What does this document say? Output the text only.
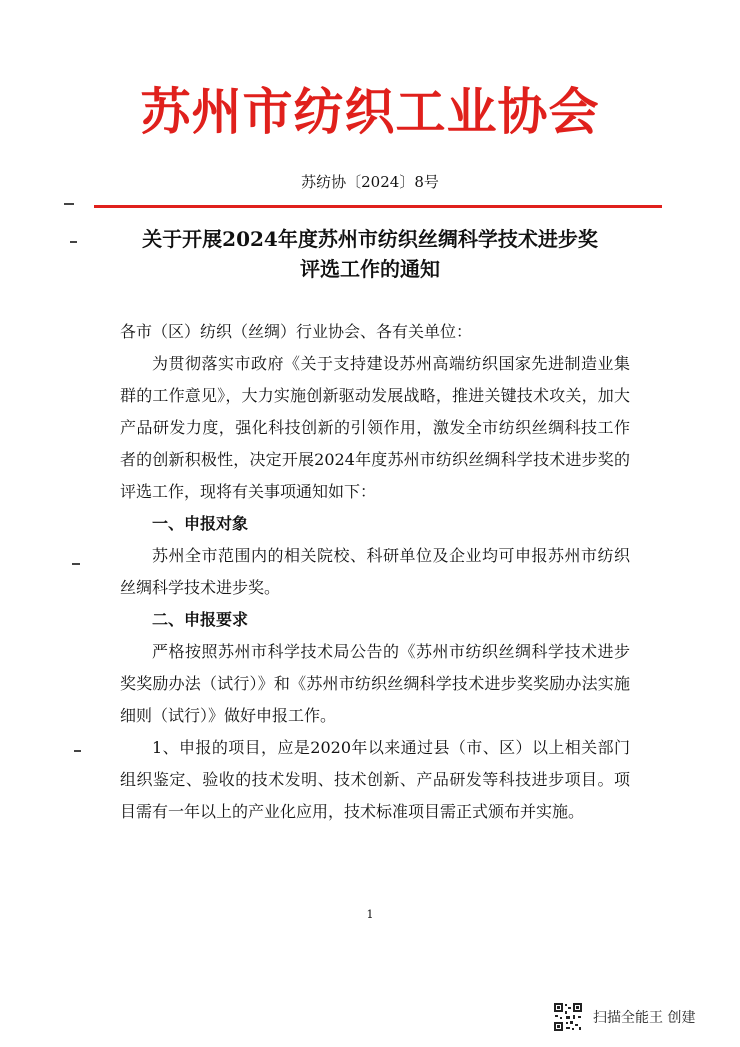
苏州市纺织工业协会
苏纺协〔2024〕8号
关于开展2024年度苏州市纺织丝绸科学技术进步奖
评选工作的通知

各市（区）纺织（丝绸）行业协会、各有关单位：

为贯彻落实市政府《关于支持建设苏州高端纺织国家先进制造业集群的工作意见》，大力实施创新驱动发展战略，推进关键技术攻关，加大产品研发力度，强化科技创新的引领作用，激发全市纺织丝绸科技工作者的创新积极性，决定开展2024年度苏州市纺织丝绸科学技术进步奖的评选工作，现将有关事项通知如下：

一、申报对象

苏州全市范围内的相关院校、科研单位及企业均可申报苏州市纺织丝绸科学技术进步奖。

二、申报要求

严格按照苏州市科学技术局公告的《苏州市纺织丝绸科学技术进步奖奖励办法（试行）》和《苏州市纺织丝绸科学技术进步奖奖励办法实施细则（试行）》做好申报工作。

1、申报的项目，应是2020年以来通过县（市、区）以上相关部门组织鉴定、验收的技术发明、技术创新、产品研发等科技进步项目。项目需有一年以上的产业化应用，技术标准项目需正式颁布并实施。

1
扫描全能王 创建
